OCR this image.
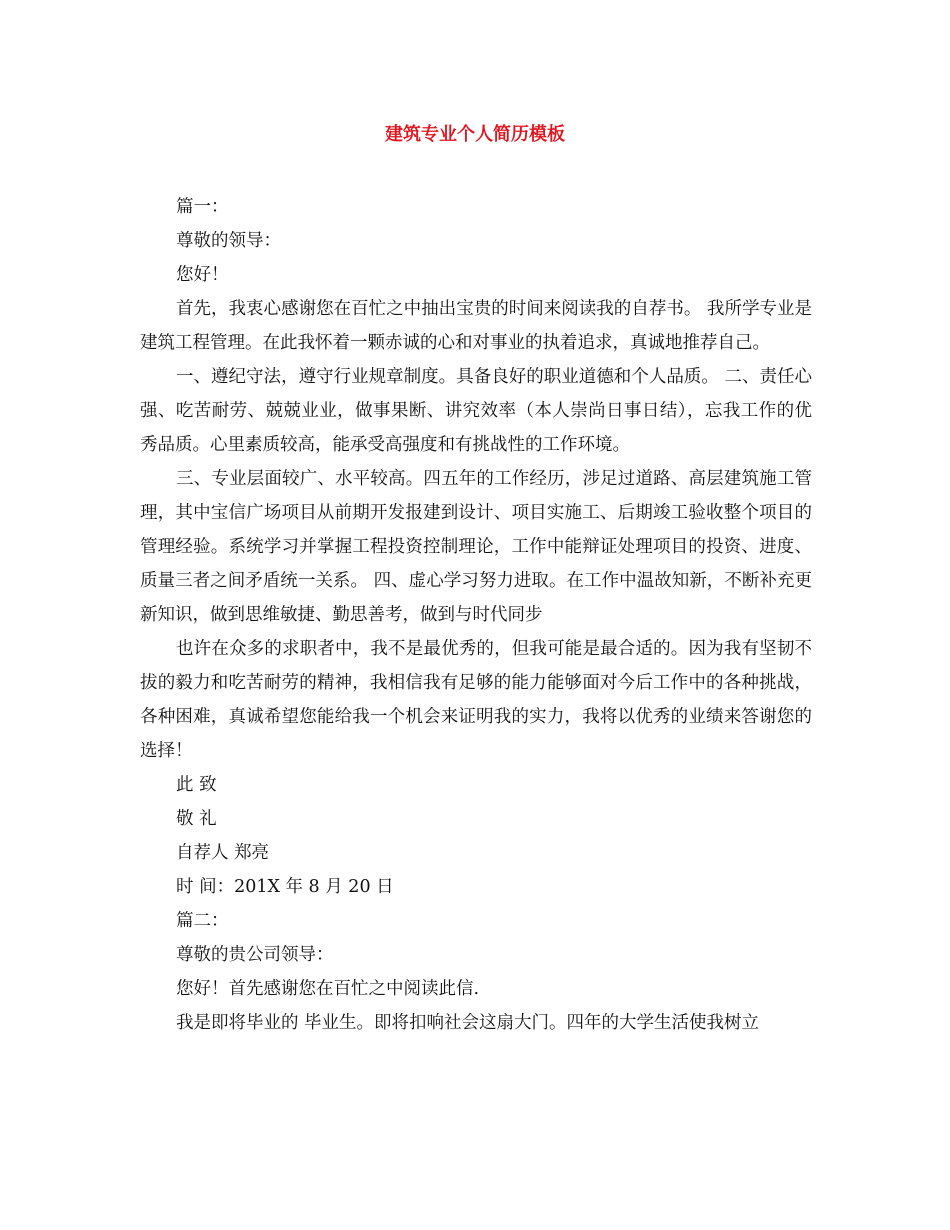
建筑专业个人简历模板

篇一：

尊敬的领导：

您好！

首先，我衷心感谢您在百忙之中抽出宝贵的时间来阅读我的自荐书。 我所学专业是建筑工程管理。在此我怀着一颗赤诚的心和对事业的执着追求，真诚地推荐自己。

一、遵纪守法，遵守行业规章制度。具备良好的职业道德和个人品质。 二、责任心强、吃苦耐劳、兢兢业业，做事果断、讲究效率（本人崇尚日事日结），忘我工作的优秀品质。心里素质较高，能承受高强度和有挑战性的工作环境。

三、专业层面较广、水平较高。四五年的工作经历，涉足过道路、高层建筑施工管理，其中宝信广场项目从前期开发报建到设计、项目实施工、后期竣工验收整个项目的管理经验。系统学习并掌握工程投资控制理论，工作中能辩证处理项目的投资、进度、质量三者之间矛盾统一关系。 四、虚心学习努力进取。在工作中温故知新，不断补充更新知识，做到思维敏捷、勤思善考，做到与时代同步

也许在众多的求职者中，我不是最优秀的，但我可能是最合适的。因为我有坚韧不拔的毅力和吃苦耐劳的精神，我相信我有足够的能力能够面对今后工作中的各种挑战，各种困难，真诚希望您能给我一个机会来证明我的实力，我将以优秀的业绩来答谢您的选择！

此 致

敬 礼

自荐人 郑亮

时 间：201X 年 8 月 20 日

篇二：

尊敬的贵公司领导：

您好！首先感谢您在百忙之中阅读此信.

我是即将毕业的 毕业生。即将扣响社会这扇大门。四年的大学生活使我树立
